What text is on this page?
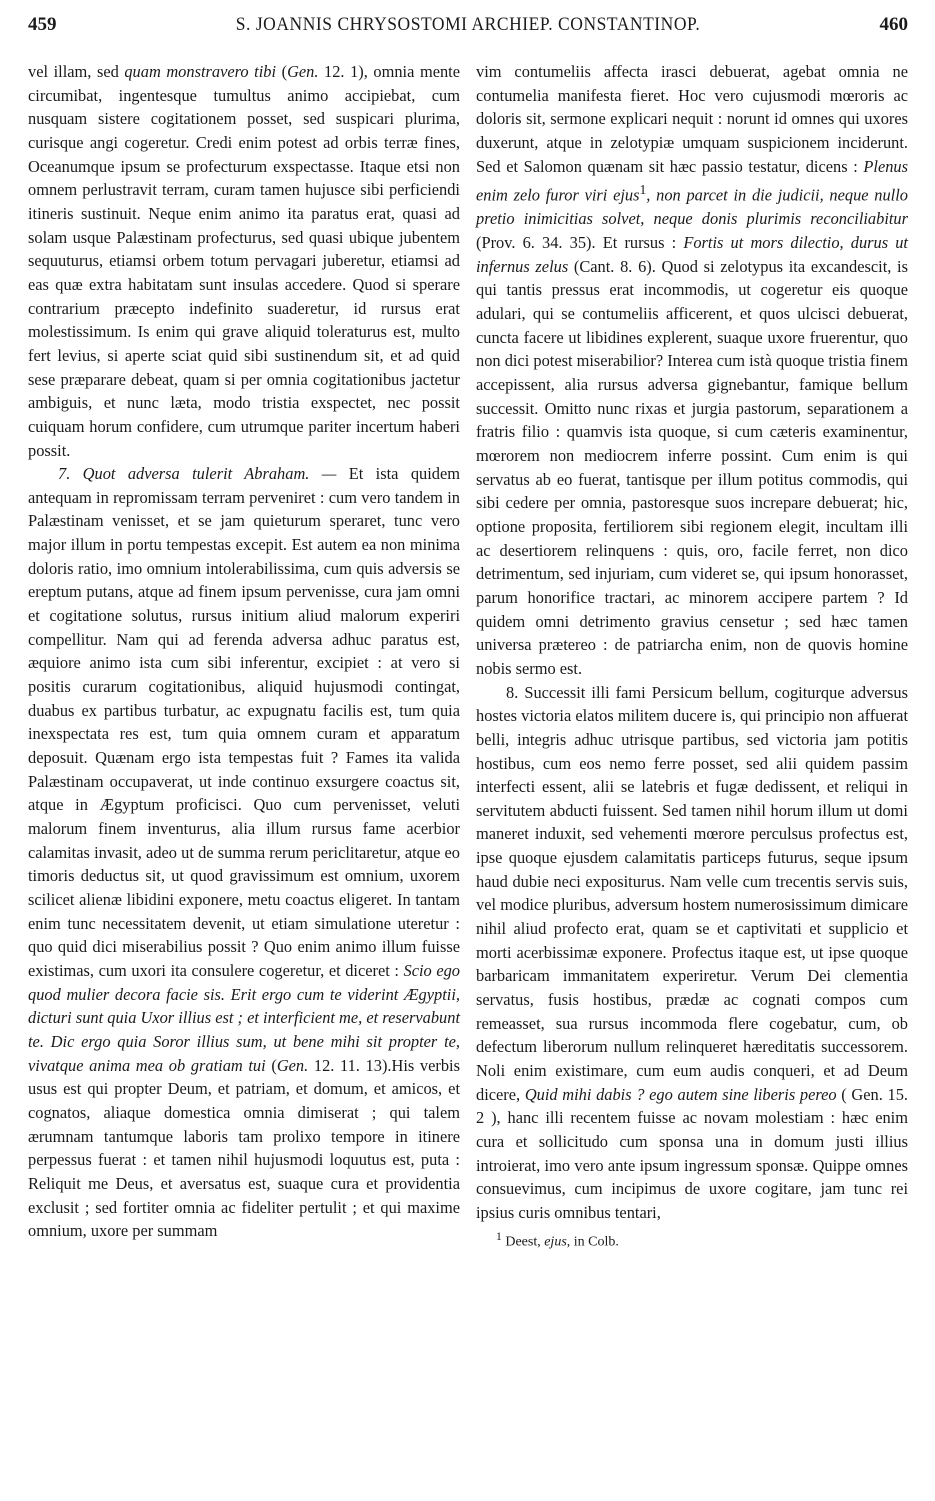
459	S. JOANNIS CHRYSOSTOMI ARCHIEP. CONSTANTINOP.	460

vel illam, sed quam monstravero tibi (Gen. 12. 1), omnia mente circumibat, ingentesque tumultus animo accipiebat, cum nusquam sistere cogitationem posset, sed suspicari plurima, curisque angi cogeretur. Credi enim potest ad orbis terræ fines, Oceanumque ipsum se profecturum exspectasse. Itaque etsi non omnem perlustravit terram, curam tamen hujusce sibi perficiendi itineris sustinuit. Neque enim animo ita paratus erat, quasi ad solam usque Palæstinam profecturus, sed quasi ubique jubentem sequuturus, etiamsi orbem totum pervagari juberetur, etiamsi ad eas quæ extra habitatam sunt insulas accedere. Quod si sperare contrarium præcepto indefinito suaderetur, id rursus erat molestissimum. Is enim qui grave aliquid toleraturus est, multo fert levius, si aperte sciat quid sibi sustinendum sit, et ad quid sese præparare debeat, quam si per omnia cogitationibus jactetur ambiguis, et nunc læta, modo tristia exspectet, nec possit cuiquam horum confidere, cum utrumque pariter incertum haberi possit.

7. Quot adversa tulerit Abraham. — Et ista quidem antequam in repromissam terram perveniret : cum vero tandem in Palæstinam venisset, et se jam quieturum speraret, tunc vero major illum in portu tempestas excepit. Est autem ea non minima doloris ratio, imo omnium intolerabilissima, cum quis adversis se ereptum putans, atque ad finem ipsum pervenisse, cura jam omni et cogitatione solutus, rursus initium aliud malorum experiri compellitur. Nam qui ad ferenda adversa adhuc paratus est, æquiore animo ista cum sibi inferentur, excipiet : at vero si positis curarum cogitationibus, aliquid hujusmodi contingat, duabus ex partibus turbatur, ac expugnatu facilis est, tum quia inexspectata res est, tum quia omnem curam et apparatum deposuit. Quænam ergo ista tempestas fuit ? Fames ita valida Palæstinam occupaverat, ut inde continuo exsurgere coactus sit, atque in Ægyptum proficisci. Quo cum pervenisset, veluti malorum finem inventurus, alia illum rursus fame acerbior calamitas invasit, adeo ut de summa rerum periclitaretur, atque eo timoris deductus sit, ut quod gravissimum est omnium, uxorem scilicet alienæ libidini exponere, metu coactus eligeret. In tantam enim tunc necessitatem devenit, ut etiam simulatione uteretur : quo quid dici miserabilius possit ? Quo enim animo illum fuisse existimas, cum uxori ita consulere cogeretur, et diceret : Scio ego quod mulier decora facie sis. Erit ergo cum te viderint Ægyptii, dicturi sunt quia Uxor illius est ; et interficient me, et reservabunt te. Dic ergo quia Soror illius sum, ut bene mihi sit propter te, vivatque anima mea ob gratiam tui (Gen. 12. 11. 13).His verbis usus est qui propter Deum, et patriam, et domum, et amicos, et cognatos, aliaque domestica omnia dimiserat ; qui talem ærumnam tantumque laboris tam prolixo tempore in itinere perpessus fuerat : et tamen nihil hujusmodi loquutus est, puta : Reliquit me Deus, et aversatus est, suaque cura et providentia exclusit ; sed fortiter omnia ac fideliter pertulit ; et qui maxime omnium, uxore per summam

vim contumeliis affecta irasci debuerat, agebat omnia ne contumelia manifesta fieret. Hoc vero cujusmodi mœroris ac doloris sit, sermone explicari nequit : norunt id omnes qui uxores duxerunt, atque in zelotypiæ umquam suspicionem inciderunt. Sed et Salomon quænam sit hæc passio testatur, dicens : Plenus enim zelo furor viri ejus$^1$, non parcet in die judicii, neque nullo pretio inimicitias solvet, neque donis plurimis reconciliabitur (Prov. 6. 34. 35). Et rursus : Fortis ut mors dilectio, durus ut infernus zelus (Cant. 8. 6). Quod si zelotypus ita excandescit, is qui tantis pressus erat incommodis, ut cogeretur eis quoque adulari, qui se contumeliis afficerent, et quos ulcisci debuerat, cuncta facere ut libidines explerent, suaque uxore fruerentur, quo non dici potest miserabilior? Interea cum istà quoque tristia finem accepissent, alia rursus adversa gignebantur, famique bellum successit. Omitto nunc rixas et jurgia pastorum, separationem a fratris filio : quamvis ista quoque, si cum cæteris examinentur, mœrorem non mediocrem inferre possint. Cum enim is qui servatus ab eo fuerat, tantisque per illum potitus commodis, qui sibi cedere per omnia, pastoresque suos increpare debuerat; hic, optione proposita, fertiliorem sibi regionem elegit, incultam illi ac desertiorem relinquens : quis, oro, facile ferret, non dico detrimentum, sed injuriam, cum videret se, qui ipsum honorasset, parum honorifice tractari, ac minorem accipere partem ? Id quidem omni detrimento gravius censetur ; sed hæc tamen universa prætereo : de patriarcha enim, non de quovis homine nobis sermo est.

8. Successit illi fami Persicum bellum, cogiturque adversus hostes victoria elatos militem ducere is, qui principio non affuerat belli, integris adhuc utrisque partibus, sed victoria jam potitis hostibus, cum eos nemo ferre posset, sed alii quidem passim interfecti essent, alii se latebris et fugæ dedissent, et reliqui in servitutem abducti fuissent. Sed tamen nihil horum illum ut domi maneret induxit, sed vehementi mœrore perculsus profectus est, ipse quoque ejusdem calamitatis particeps futurus, seque ipsum haud dubie neci expositurus. Nam velle cum trecentis servis suis, vel modice pluribus, adversum hostem numerosissimum dimicare nihil aliud profecto erat, quam se et captivitati et supplicio et morti acerbissimæ exponere. Profectus itaque est, ut ipse quoque barbaricam immanitatem experiretur. Verum Dei clementia servatus, fusis hostibus, prædæ ac cognati compos cum remeasset, sua rursus incommoda flere cogebatur, cum, ob defectum liberorum nullum relinqueret hæreditatis successorem. Noli enim existimare, cum eum audis conqueri, et ad Deum dicere, Quid mihi dabis ? ego autem sine liberis pereo ( Gen. 15. 2 ), hanc illi recentem fuisse ac novam molestiam : hæc enim cura et sollicitudo cum sponsa una in domum justi illius introierat, imo vero ante ipsum ingressum sponsæ. Quippe omnes consuevimus, cum incipimus de uxore cogitare, jam tunc rei ipsius curis omnibus tentari,

$^1$ Deest, ejus, in Colb.
